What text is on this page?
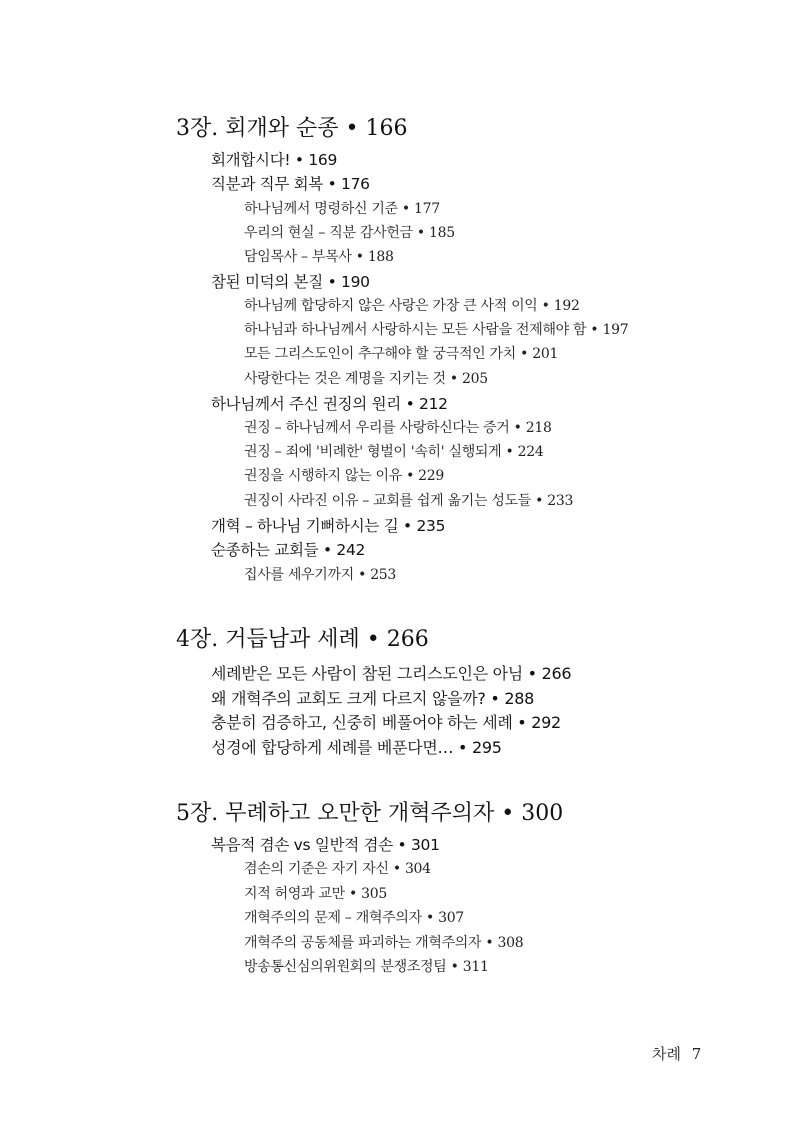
3장. 회개와 순종 • 166
회개합시다! • 169
직분과 직무 회복 • 176
하나님께서 명령하신 기준 • 177
우리의 현실 – 직분 감사헌금 • 185
담임목사 – 부목사 • 188
참된 미덕의 본질 • 190
하나님께 합당하지 않은 사랑은 가장 큰 사적 이익 • 192
하나님과 하나님께서 사랑하시는 모든 사람을 전제해야 함 • 197
모든 그리스도인이 추구해야 할 궁극적인 가치 • 201
사랑한다는 것은 계명을 지키는 것 • 205
하나님께서 주신 권징의 원리 • 212
권징 – 하나님께서 우리를 사랑하신다는 증거 • 218
권징 – 죄에 '비례한' 형벌이 '속히' 실행되게 • 224
권징을 시행하지 않는 이유 • 229
권징이 사라진 이유 – 교회를 쉽게 옮기는 성도들 • 233
개혁 – 하나님 기뻐하시는 길 • 235
순종하는 교회들 • 242
집사를 세우기까지 • 253
4장. 거듭남과 세례 • 266
세례받은 모든 사람이 참된 그리스도인은 아님 • 266
왜 개혁주의 교회도 크게 다르지 않을까? • 288
충분히 검증하고, 신중히 베풀어야 하는 세례 • 292
성경에 합당하게 세례를 베푼다면… • 295
5장. 무례하고 오만한 개혁주의자 • 300
복음적 겸손 vs 일반적 겸손 • 301
겸손의 기준은 자기 자신 • 304
지적 허영과 교만 • 305
개혁주의의 문제 – 개혁주의자 • 307
개혁주의 공동체를 파괴하는 개혁주의자 • 308
방송통신심의위원회의 분쟁조정팀 • 311
차례 7
